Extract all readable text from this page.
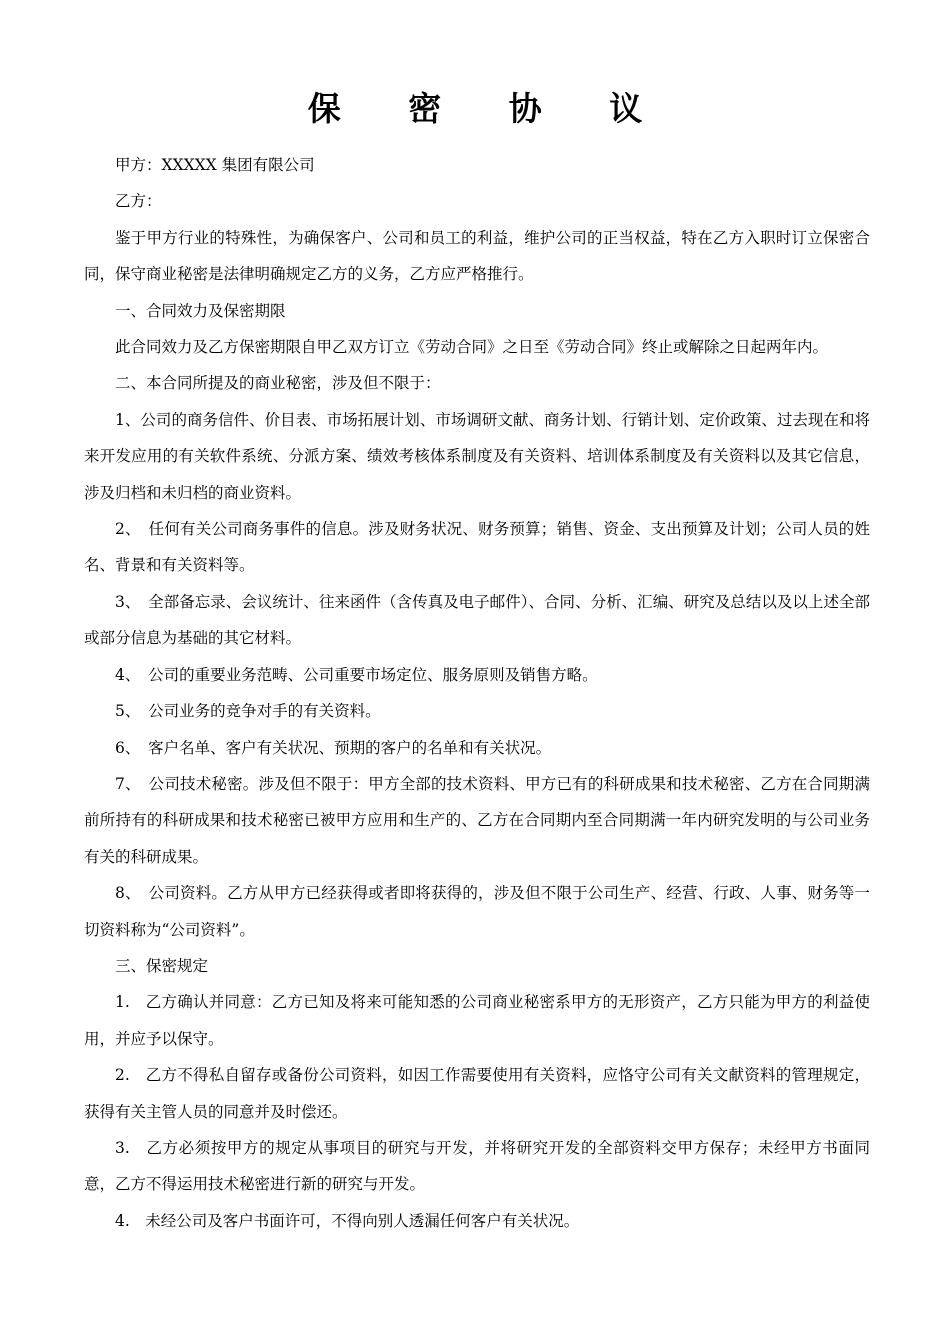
保 密 协 议

甲方：XXXXX 集团有限公司

乙方：

鉴于甲方行业的特殊性，为确保客户、公司和员工的利益，维护公司的正当权益，特在乙方入职时订立保密合同，保守商业秘密是法律明确规定乙方的义务，乙方应严格推行。

一、合同效力及保密期限

此合同效力及乙方保密期限自甲乙双方订立《劳动合同》之日至《劳动合同》终止或解除之日起两年内。

二、本合同所提及的商业秘密，涉及但不限于：

1、公司的商务信件、价目表、市场拓展计划、市场调研文献、商务计划、行销计划、定价政策、过去现在和将来开发应用的有关软件系统、分派方案、绩效考核体系制度及有关资料、培训体系制度及有关资料以及其它信息，涉及归档和未归档的商业资料。

2、　任何有关公司商务事件的信息。涉及财务状况、财务预算；销售、资金、支出预算及计划；公司人员的姓名、背景和有关资料等。

3、　全部备忘录、会议统计、往来函件（含传真及电子邮件）、合同、分析、汇编、研究及总结以及以上述全部或部分信息为基础的其它材料。

4、　公司的重要业务范畴、公司重要市场定位、服务原则及销售方略。

5、　公司业务的竞争对手的有关资料。

6、　客户名单、客户有关状况、预期的客户的名单和有关状况。

7、　公司技术秘密。涉及但不限于：甲方全部的技术资料、甲方已有的科研成果和技术秘密、乙方在合同期满前所持有的科研成果和技术秘密已被甲方应用和生产的、乙方在合同期内至合同期满一年内研究发明的与公司业务有关的科研成果。

8、　公司资料。乙方从甲方已经获得或者即将获得的，涉及但不限于公司生产、经营、行政、人事、财务等一切资料称为“公司资料”。

三、保密规定

1.　乙方确认并同意：乙方已知及将来可能知悉的公司商业秘密系甲方的无形资产，乙方只能为甲方的利益使用，并应予以保守。

2.　乙方不得私自留存或备份公司资料，如因工作需要使用有关资料，应恪守公司有关文献资料的管理规定，获得有关主管人员的同意并及时偿还。

3.　乙方必须按甲方的规定从事项目的研究与开发，并将研究开发的全部资料交甲方保存；未经甲方书面同意，乙方不得运用技术秘密进行新的研究与开发。

4.　未经公司及客户书面许可，不得向别人透漏任何客户有关状况。
